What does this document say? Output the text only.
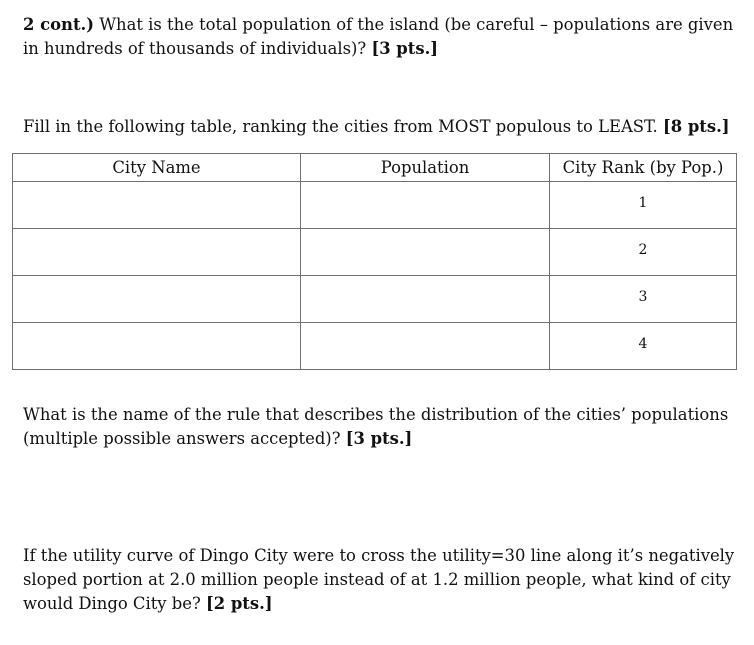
2 cont.) What is the total population of the island (be careful – populations are given in hundreds of thousands of individuals)? [3 pts.]

Fill in the following table, ranking the cities from MOST populous to LEAST. [8 pts.]

City Name	Population	City Rank (by Pop.)
		1
		2
		3
		4

What is the name of the rule that describes the distribution of the cities’ populations (multiple possible answers accepted)? [3 pts.]

If the utility curve of Dingo City were to cross the utility=30 line along it’s negatively sloped portion at 2.0 million people instead of at 1.2 million people, what kind of city would Dingo City be? [2 pts.]
